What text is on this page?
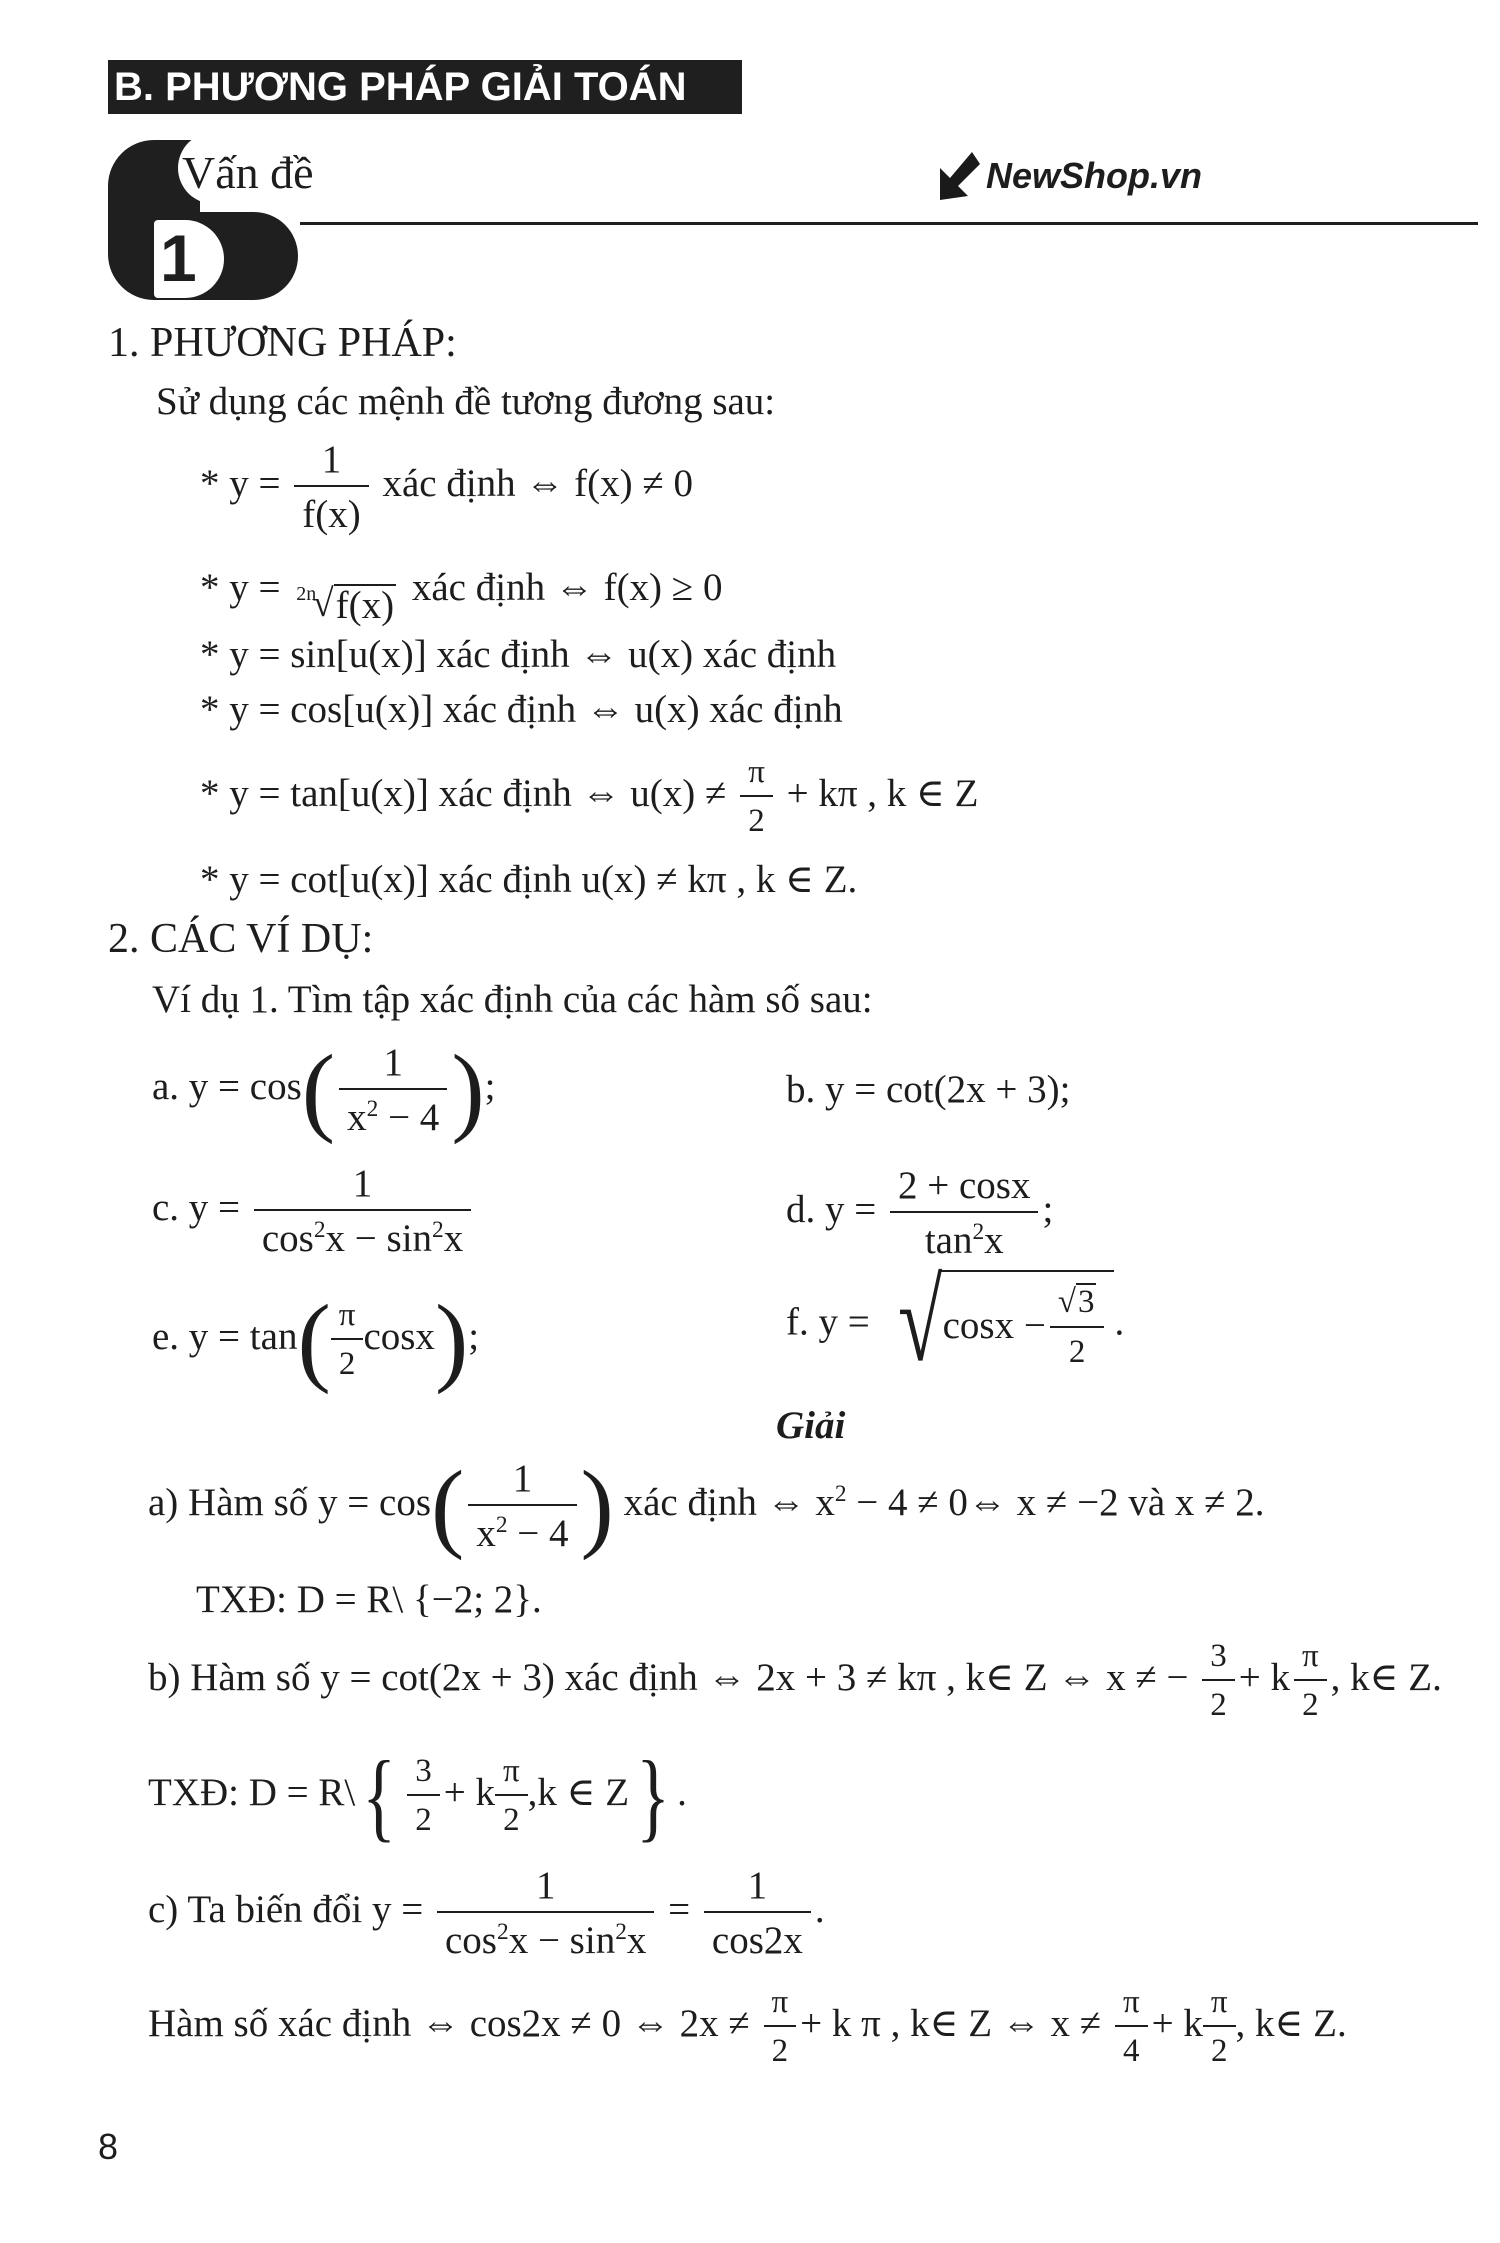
B. PHƯƠNG PHÁP GIẢI TOÁN
Vấn đề
1
NewShop.vn
1. PHƯƠNG PHÁP:
Sử dụng các mệnh đề tương đương sau:
* $y = \frac{1}{f(x)}$ xác định ⇔ f(x) ≠ 0
* y = 2n
√ f(x) xác định ⇔ f(x) ≥ 0
* y = sin[u(x)] xác định ⇔ u(x) xác định
* y = cos[u(x)] xác định ⇔ u(x) xác định
* y = tan[u(x)] xác định ⇔ $u(x) \ne \frac{\pi}{2} + k\pi$ , k ∈ Z
* y = cot[u(x)] xác định u(x) ≠ kπ , k ∈ Z.
2. CÁC VÍ DỤ:
Ví dụ 1. Tìm tập xác định của các hàm số sau:
a. $y = \cos( \frac{1}{x^2 - 4}$ );	b. y = cot(2x + 3);
c. $y = \frac{1}{\cos^2x - \sin^2x}$	d. $y = \frac{2 + \cos x}{\tan^2x}$ ;
e. $y = \tan( \frac{\pi}{2} \cos x)$;	f. y = √ $\cos x - \frac{√3}{2}$ .
Giải
a) Hàm số $y = \cos( \frac{1}{x^2 - 4}$ ) xác định ⇔ $x^2 - 4$ ≠ 0⇔ x ≠ −2 và x ≠ 2.
TXĐ: D = R\ {−2; 2}.
b) Hàm số y = cot(2x + 3) xác định ⇔ 2x + 3 ≠ kπ , k∈ Z ⇔ x ≠ − $\frac{3}{2} + k \frac{\pi}{2}$ , k∈ Z.
TXĐ: D = R\{ $\frac{3}{2} + k \frac{\pi}{2} ,k$ ∈ Z} .
c) Ta biến đổi $y = \frac{1}{\cos^2x - \sin^2x} = \frac{1}{\cos 2x}$ .
Hàm số xác định ⇔ cos2x ≠ 0 ⇔ $2x \ne \frac{\pi}{2} + k$ π , k∈ Z ⇔ $x \ne \frac{\pi}{4} + k \frac{\pi}{2}$ , k∈ Z.
8
